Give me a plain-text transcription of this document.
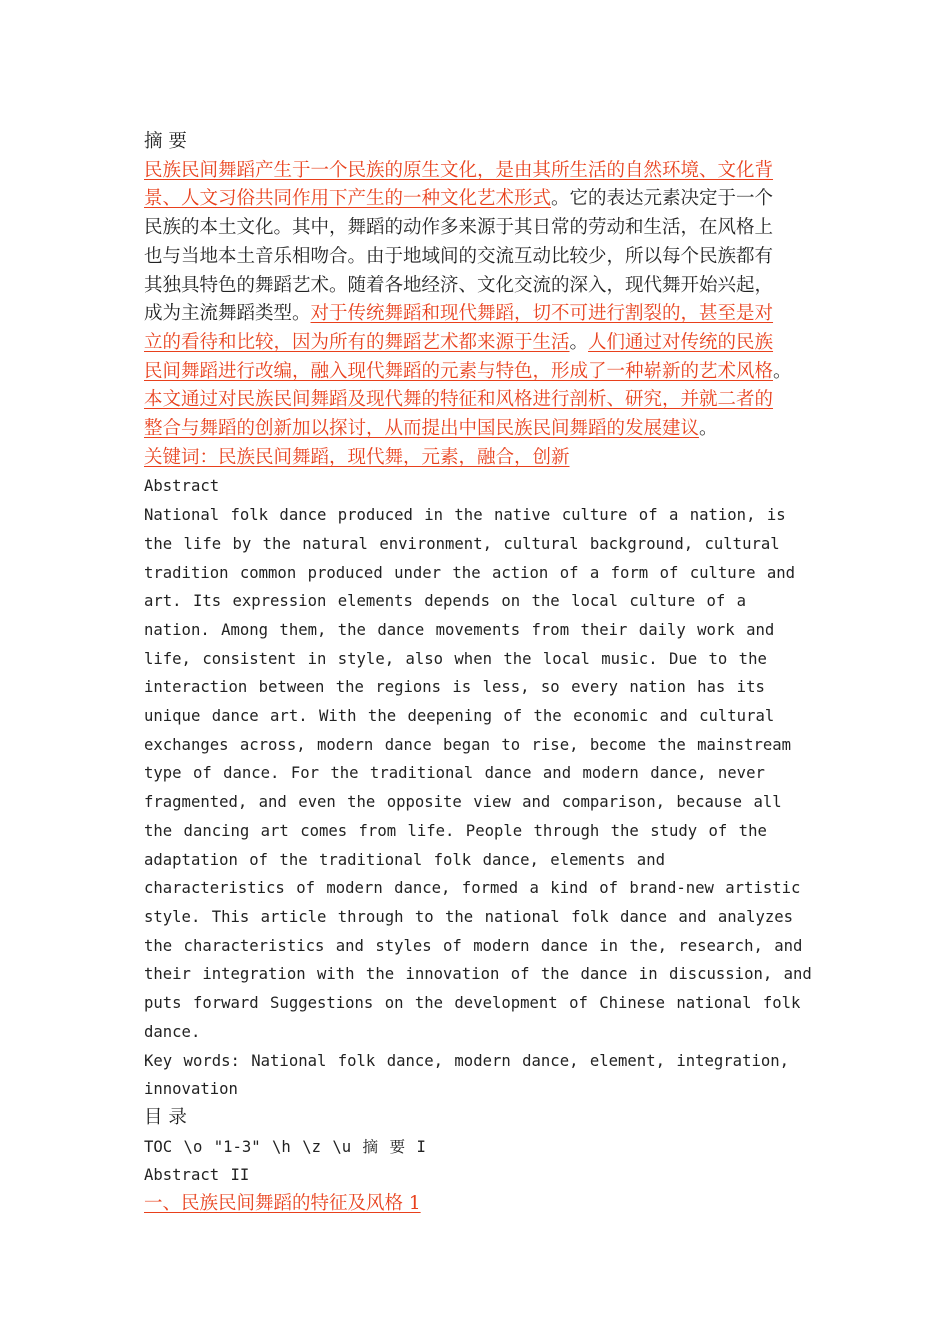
摘 要

民族民间舞蹈产生于一个民族的原生文化，是由其所生活的自然环境、文化背
景、人文习俗共同作用下产生的一种文化艺术形式。它的表达元素决定于一个
民族的本土文化。其中，舞蹈的动作多来源于其日常的劳动和生活，在风格上
也与当地本土音乐相吻合。由于地域间的交流互动比较少，所以每个民族都有
其独具特色的舞蹈艺术。随着各地经济、文化交流的深入，现代舞开始兴起，
成为主流舞蹈类型。对于传统舞蹈和现代舞蹈，切不可进行割裂的，甚至是对
立的看待和比较，因为所有的舞蹈艺术都来源于生活。人们通过对传统的民族
民间舞蹈进行改编，融入现代舞蹈的元素与特色，形成了一种崭新的艺术风格。
本文通过对民族民间舞蹈及现代舞的特征和风格进行剖析、研究，并就二者的
整合与舞蹈的创新加以探讨，从而提出中国民族民间舞蹈的发展建议。
关键词：民族民间舞蹈，现代舞，元素，融合，创新

Abstract

National folk dance produced in the native culture of a nation, is
the life by the natural environment, cultural background, cultural
tradition common produced under the action of a form of culture and
art. Its expression elements depends on the local culture of a
nation. Among them, the dance movements from their daily work and
life, consistent in style, also when the local music. Due to the
interaction between the regions is less, so every nation has its
unique dance art. With the deepening of the economic and cultural
exchanges across, modern dance began to rise, become the mainstream
type of dance. For the traditional dance and modern dance, never
fragmented, and even the opposite view and comparison, because all
the dancing art comes from life. People through the study of the
adaptation of the traditional folk dance, elements and
characteristics of modern dance, formed a kind of brand-new artistic
style. This article through to the national folk dance and analyzes
the characteristics and styles of modern dance in the, research, and
their integration with the innovation of the dance in discussion, and
puts forward Suggestions on the development of Chinese national folk
dance.

Key words: National folk dance, modern dance, element, integration,
innovation

目 录

TOC \o "1-3" \h \z \u 摘 要 I

Abstract II

一、民族民间舞蹈的特征及风格 1
